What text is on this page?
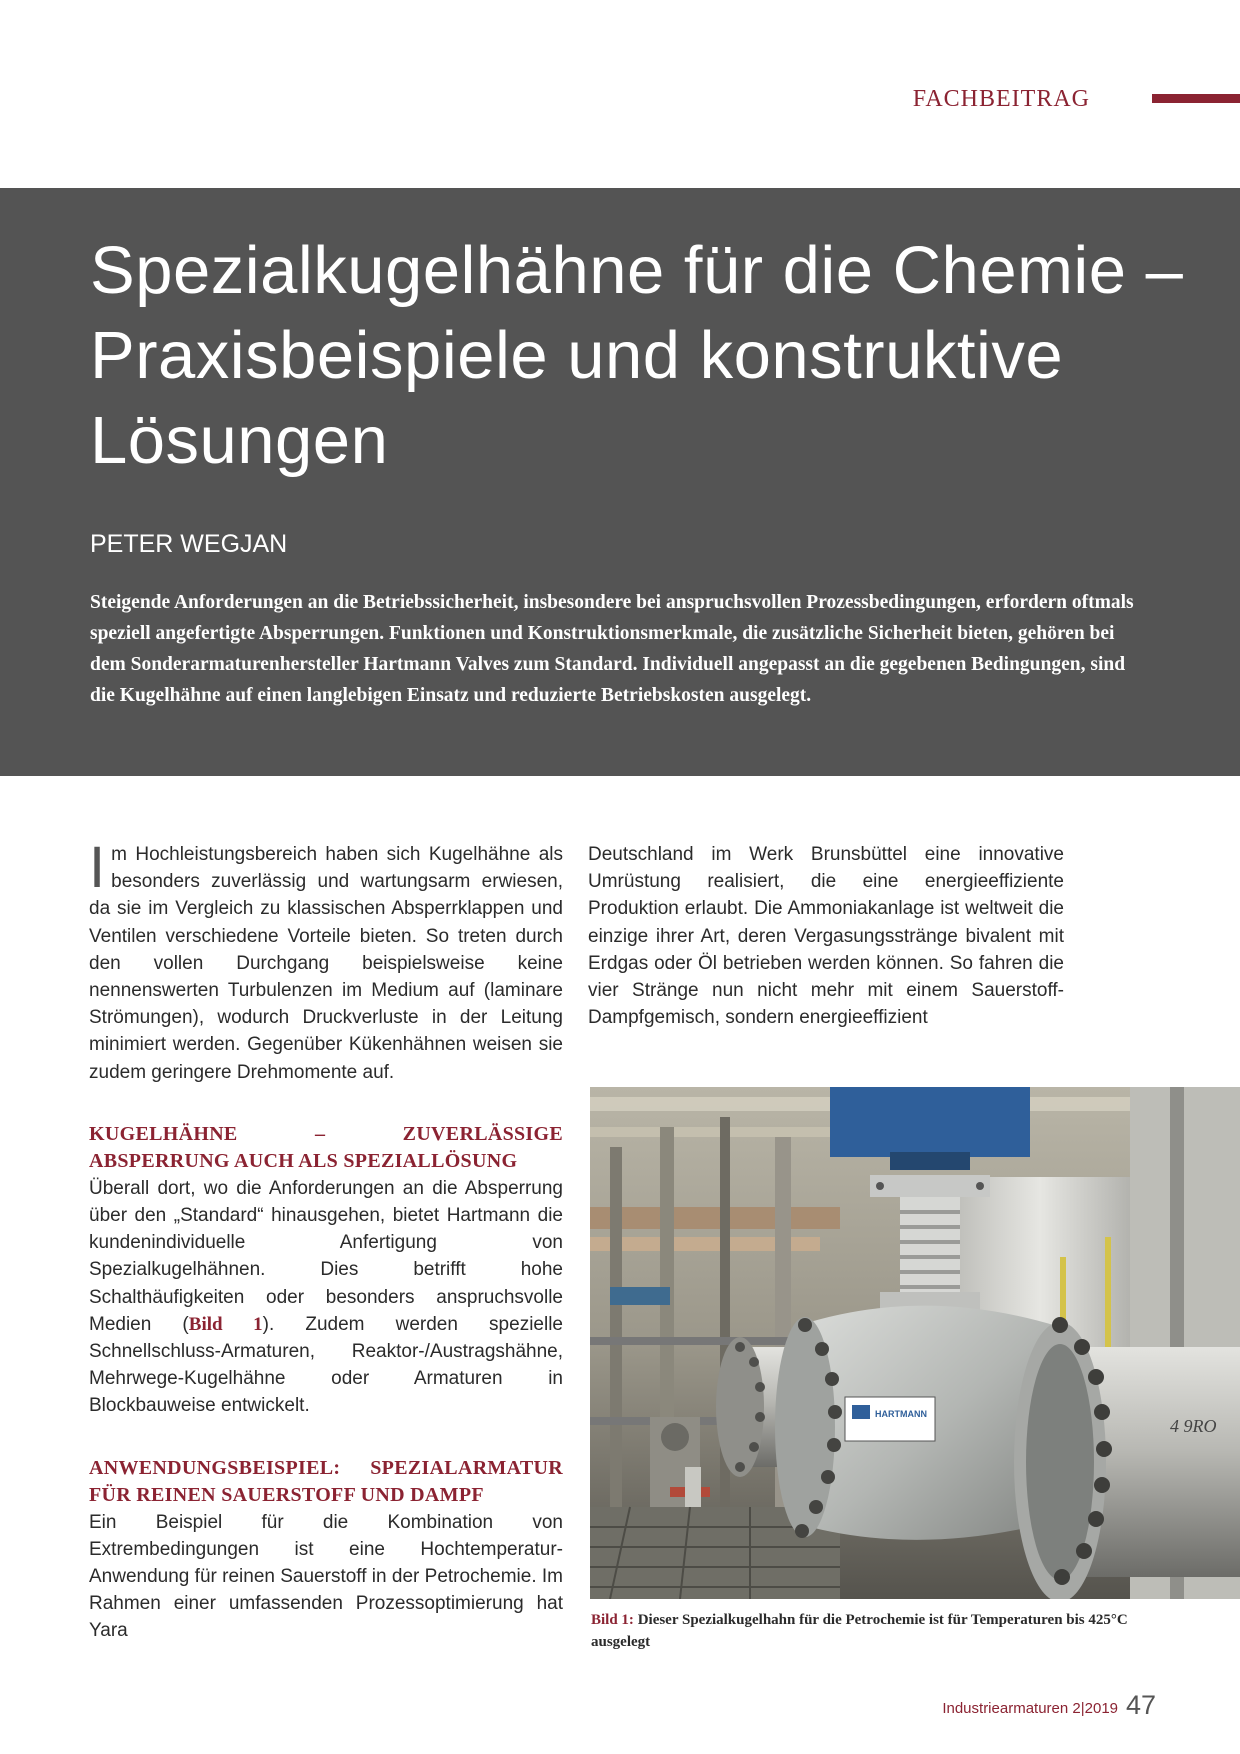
FACHBEITRAG
Spezialkugelhähne für die Chemie – Praxisbeispiele und konstruktive Lösungen
PETER WEGJAN

Steigende Anforderungen an die Betriebssicherheit, insbesondere bei anspruchsvollen Prozessbedingungen, erfordern oftmals speziell angefertigte Absperrungen. Funktionen und Konstruktionsmerkmale, die zusätzliche Sicherheit bieten, gehören bei dem Sonderarmaturenhersteller Hartmann Valves zum Standard. Individuell angepasst an die gegebenen Bedingungen, sind die Kugelhähne auf einen langlebigen Einsatz und reduzierte Betriebskosten ausgelegt.

Im Hochleistungsbereich haben sich Kugelhähne als besonders zuverlässig und wartungsarm erwiesen, da sie im Vergleich zu klassischen Absperrklappen und Ventilen verschiedene Vorteile bieten. So treten durch den vollen Durchgang beispielsweise keine nennenswerten Turbulenzen im Medium auf (laminare Strömungen), wodurch Druckverluste in der Leitung minimiert werden. Gegenüber Kükenhähnen weisen sie zudem geringere Drehmomente auf.

KUGELHÄHNE – ZUVERLÄSSIGE ABSPERRUNG AUCH ALS SPEZIALLÖSUNG

Überall dort, wo die Anforderungen an die Absperrung über den „Standard“ hinausgehen, bietet Hartmann die kundenindividuelle Anfertigung von Spezialkugelhähnen. Dies betrifft hohe Schalthäufigkeiten oder besonders anspruchsvolle Medien (Bild 1). Zudem werden spezielle Schnellschluss-Armaturen, Reaktor-/Austragshähne, Mehrwege-Kugelhähne oder Armaturen in Blockbauweise entwickelt.

ANWENDUNGSBEISPIEL: SPEZIALARMATUR FÜR REINEN SAUERSTOFF UND DAMPF

Ein Beispiel für die Kombination von Extrembedingungen ist eine Hochtemperatur-Anwendung für reinen Sauerstoff in der Petrochemie. Im Rahmen einer umfassenden Prozessoptimierung hat Yara

Deutschland im Werk Brunsbüttel eine innovative Umrüstung realisiert, die eine energieeffiziente Produktion erlaubt. Die Ammoniakanlage ist weltweit die einzige ihrer Art, deren Vergasungsstränge bivalent mit Erdgas oder Öl betrieben werden können. So fahren die vier Stränge nun nicht mehr mit einem Sauerstoff-Dampfgemisch, sondern energieeffizient

HARTMANN
4 9RO

Bild 1: Dieser Spezialkugelhahn für die Petrochemie ist für Temperaturen bis 425°C ausgelegt

Industriearmaturen 2|2019 47
